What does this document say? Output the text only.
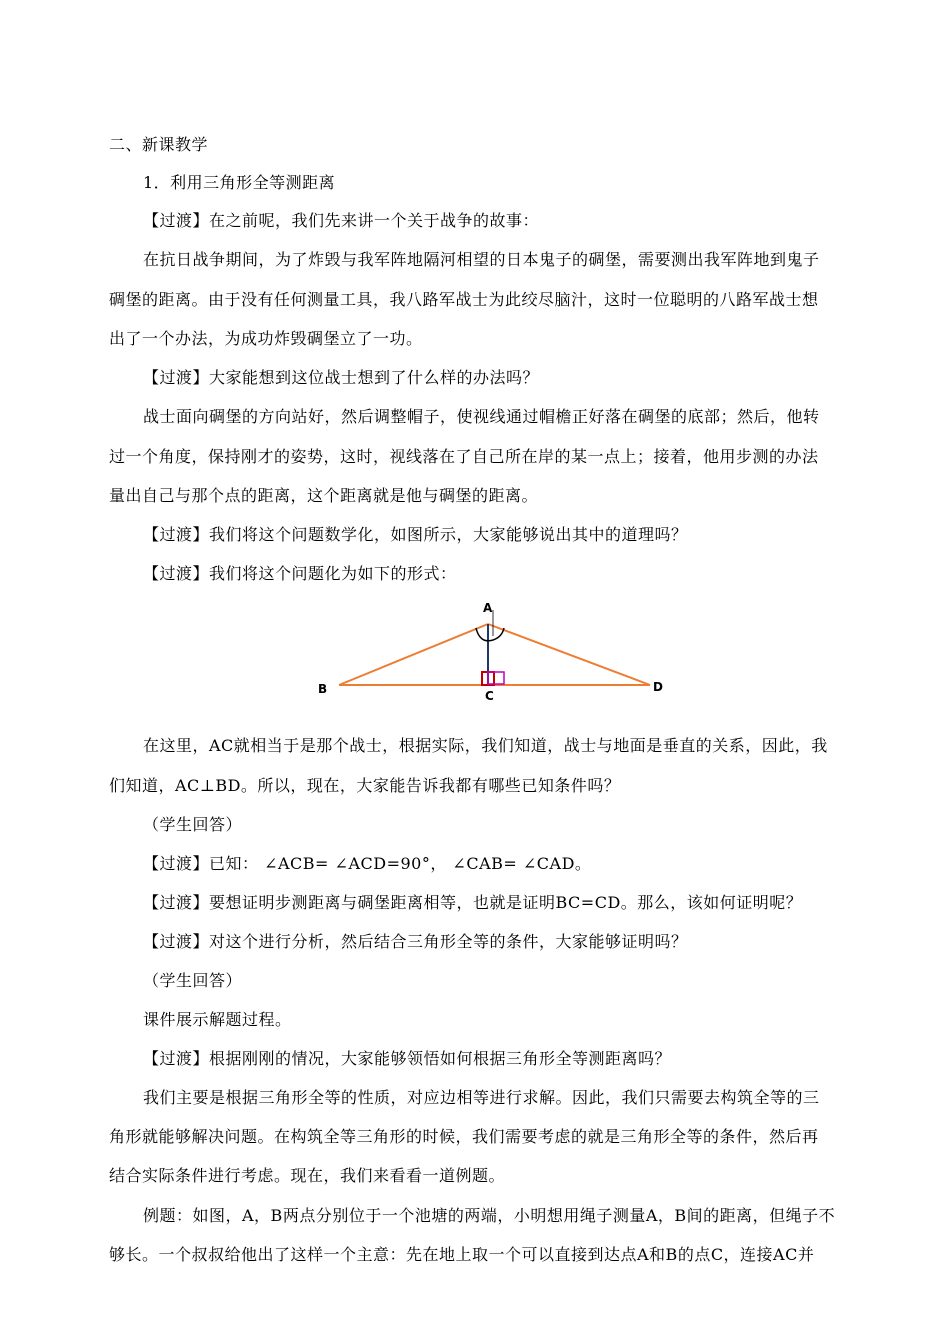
二、新课教学
1．利用三角形全等测距离
【过渡】在之前呢，我们先来讲一个关于战争的故事：
在抗日战争期间，为了炸毁与我军阵地隔河相望的日本鬼子的碉堡，需要测出我军阵地到鬼子
碉堡的距离。由于没有任何测量工具，我八路军战士为此绞尽脑汁，这时一位聪明的八路军战士想
出了一个办法，为成功炸毁碉堡立了一功。
【过渡】大家能想到这位战士想到了什么样的办法吗？
战士面向碉堡的方向站好，然后调整帽子，使视线通过帽檐正好落在碉堡的底部；然后，他转
过一个角度，保持刚才的姿势，这时，视线落在了自己所在岸的某一点上；接着，他用步测的办法
量出自己与那个点的距离，这个距离就是他与碉堡的距离。
【过渡】我们将这个问题数学化，如图所示，大家能够说出其中的道理吗？
【过渡】我们将这个问题化为如下的形式：
A
B	C
D
在这里，AC就相当于是那个战士，根据实际，我们知道，战士与地面是垂直的关系，因此，我
们知道，AC⊥BD。所以，现在，大家能告诉我都有哪些已知条件吗？
（学生回答）
【过渡】已知： ∠ACB= ∠ACD=90°， ∠CAB= ∠CAD。
【过渡】要想证明步测距离与碉堡距离相等，也就是证明BC=CD。那么，该如何证明呢？
【过渡】对这个进行分析，然后结合三角形全等的条件，大家能够证明吗？
（学生回答）
课件展示解题过程。
【过渡】根据刚刚的情况，大家能够领悟如何根据三角形全等测距离吗？
我们主要是根据三角形全等的性质，对应边相等进行求解。因此，我们只需要去构筑全等的三
角形就能够解决问题。在构筑全等三角形的时候，我们需要考虑的就是三角形全等的条件，然后再
结合实际条件进行考虑。现在，我们来看看一道例题。
例题：如图，A，B两点分别位于一个池塘的两端，小明想用绳子测量A，B间的距离，但绳子不
够长。一个叔叔给他出了这样一个主意：先在地上取一个可以直接到达点A和B的点C，连接AC并
